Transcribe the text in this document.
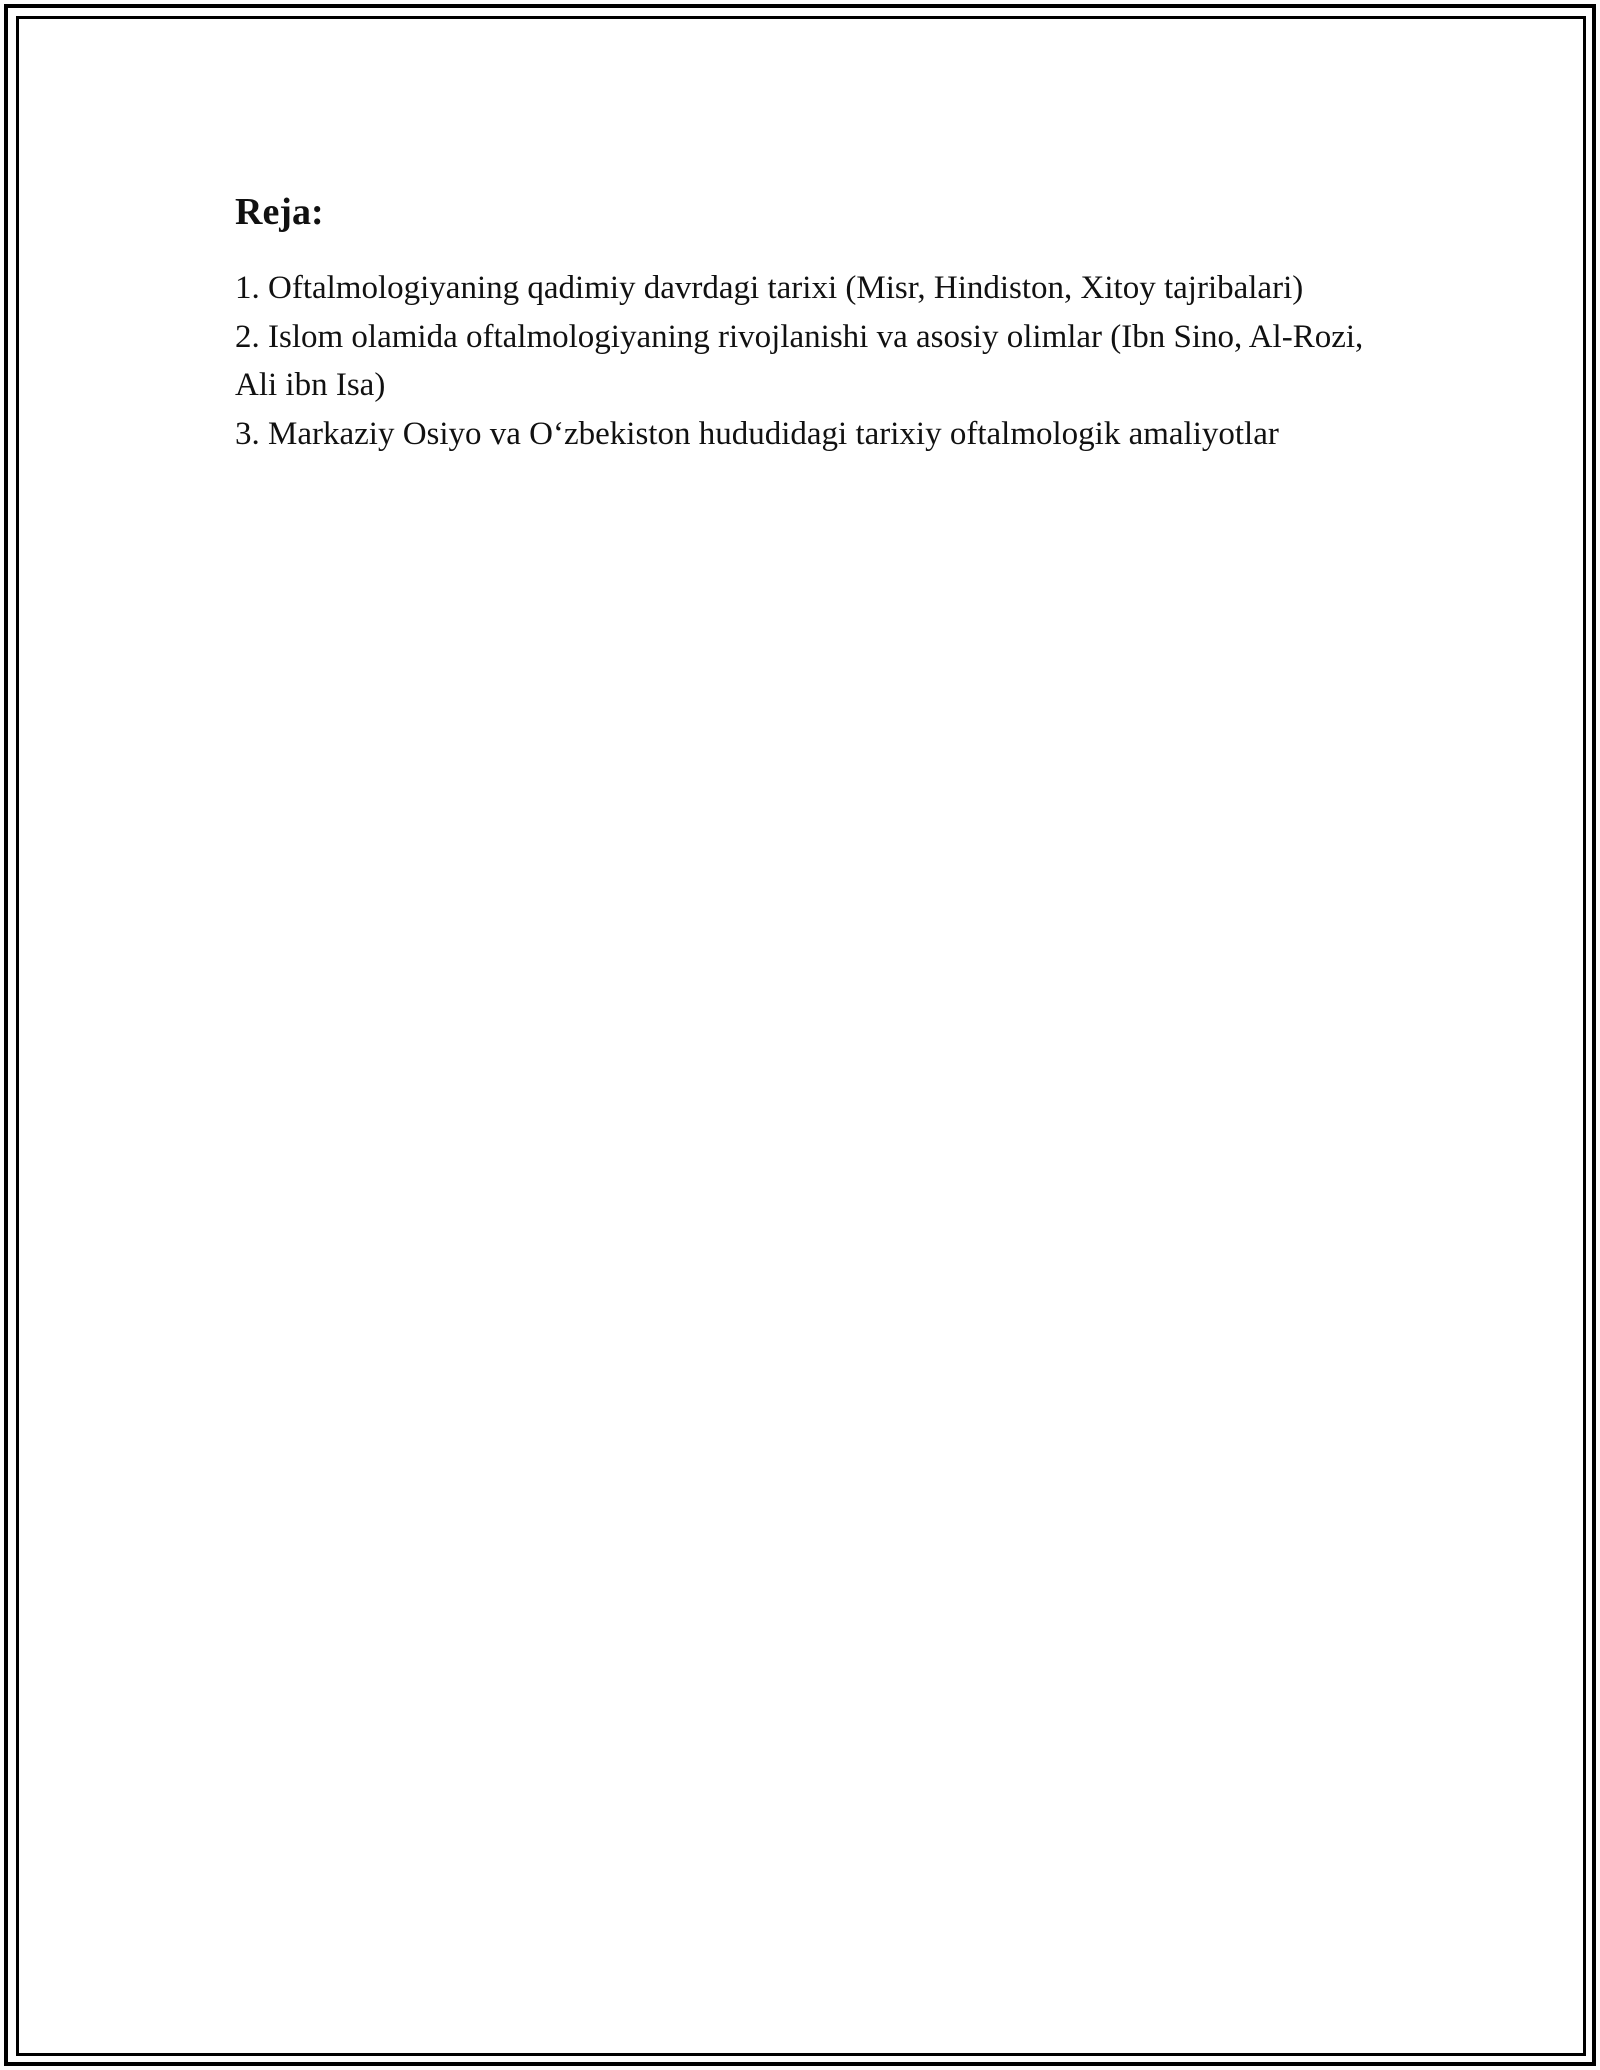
Reja:
1. Oftalmologiyaning qadimiy davrdagi tarixi (Misr, Hindiston, Xitoy tajribalari)
2. Islom olamida oftalmologiyaning rivojlanishi va asosiy olimlar (Ibn Sino, Al-Rozi, Ali ibn Isa)
3. Markaziy Osiyo va O‘zbekiston hududidagi tarixiy oftalmologik amaliyotlar
